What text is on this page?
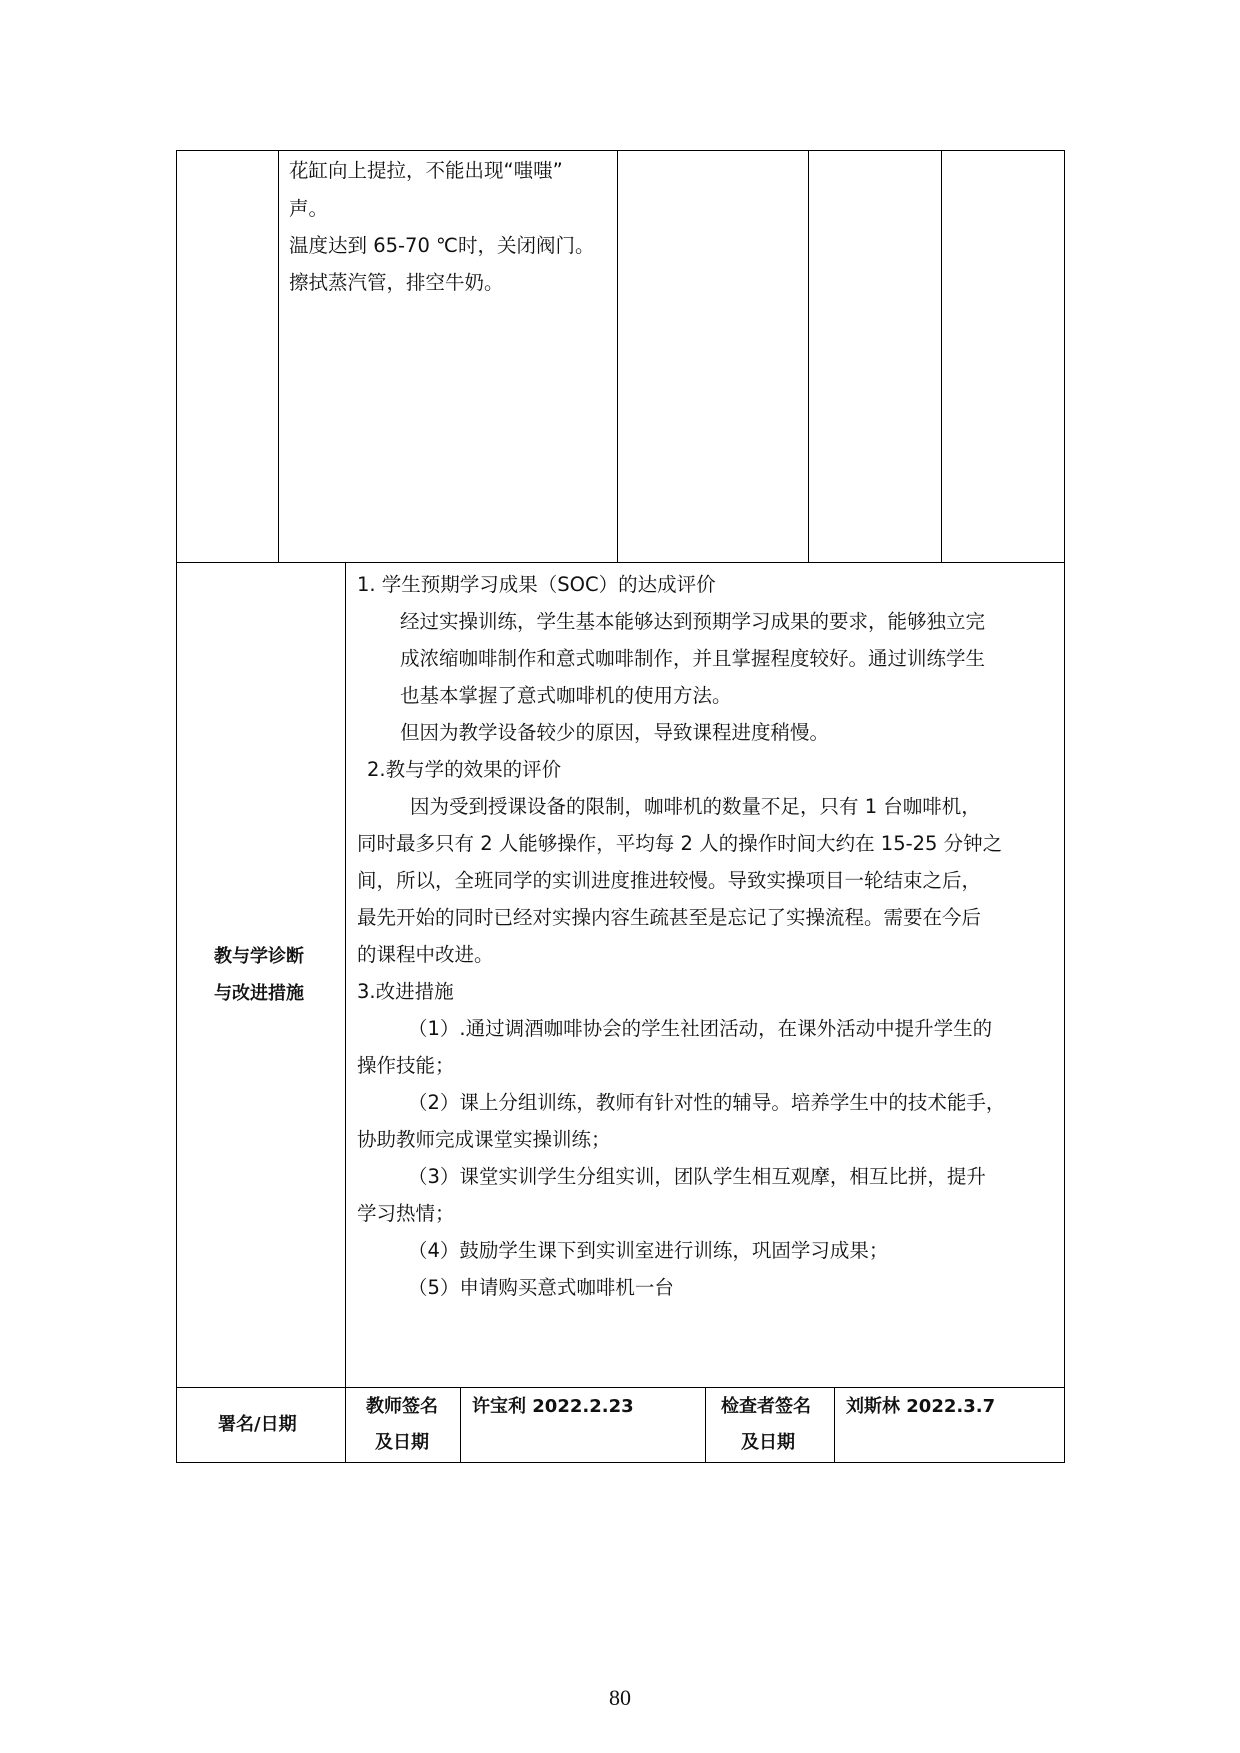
花缸向上提拉，不能出现“嗤嗤”
声。
温度达到 65-70 ℃时，关闭阀门。
擦拭蒸汽管，排空牛奶。
教与学诊断
与改进措施
1. 学生预期学习成果（SOC）的达成评价
经过实操训练，学生基本能够达到预期学习成果的要求，能够独立完
成浓缩咖啡制作和意式咖啡制作，并且掌握程度较好。通过训练学生
也基本掌握了意式咖啡机的使用方法。
但因为教学设备较少的原因，导致课程进度稍慢。
2.教与学的效果的评价
因为受到授课设备的限制，咖啡机的数量不足，只有 1 台咖啡机，
同时最多只有 2 人能够操作，平均每 2 人的操作时间大约在 15-25 分钟之
间，所以，全班同学的实训进度推进较慢。导致实操项目一轮结束之后，
最先开始的同时已经对实操内容生疏甚至是忘记了实操流程。需要在今后
的课程中改进。
3.改进措施
（1）.通过调酒咖啡协会的学生社团活动，在课外活动中提升学生的
操作技能；
（2）课上分组训练，教师有针对性的辅导。培养学生中的技术能手，
协助教师完成课堂实操训练；
（3）课堂实训学生分组实训，团队学生相互观摩，相互比拼，提升
学习热情；
（4）鼓励学生课下到实训室进行训练，巩固学习成果；
（5）申请购买意式咖啡机一台
署名/日期
教师签名
及日期
许宝利 2022.2.23	检查者签名
及日期
刘斯林 2022.3.7
80
